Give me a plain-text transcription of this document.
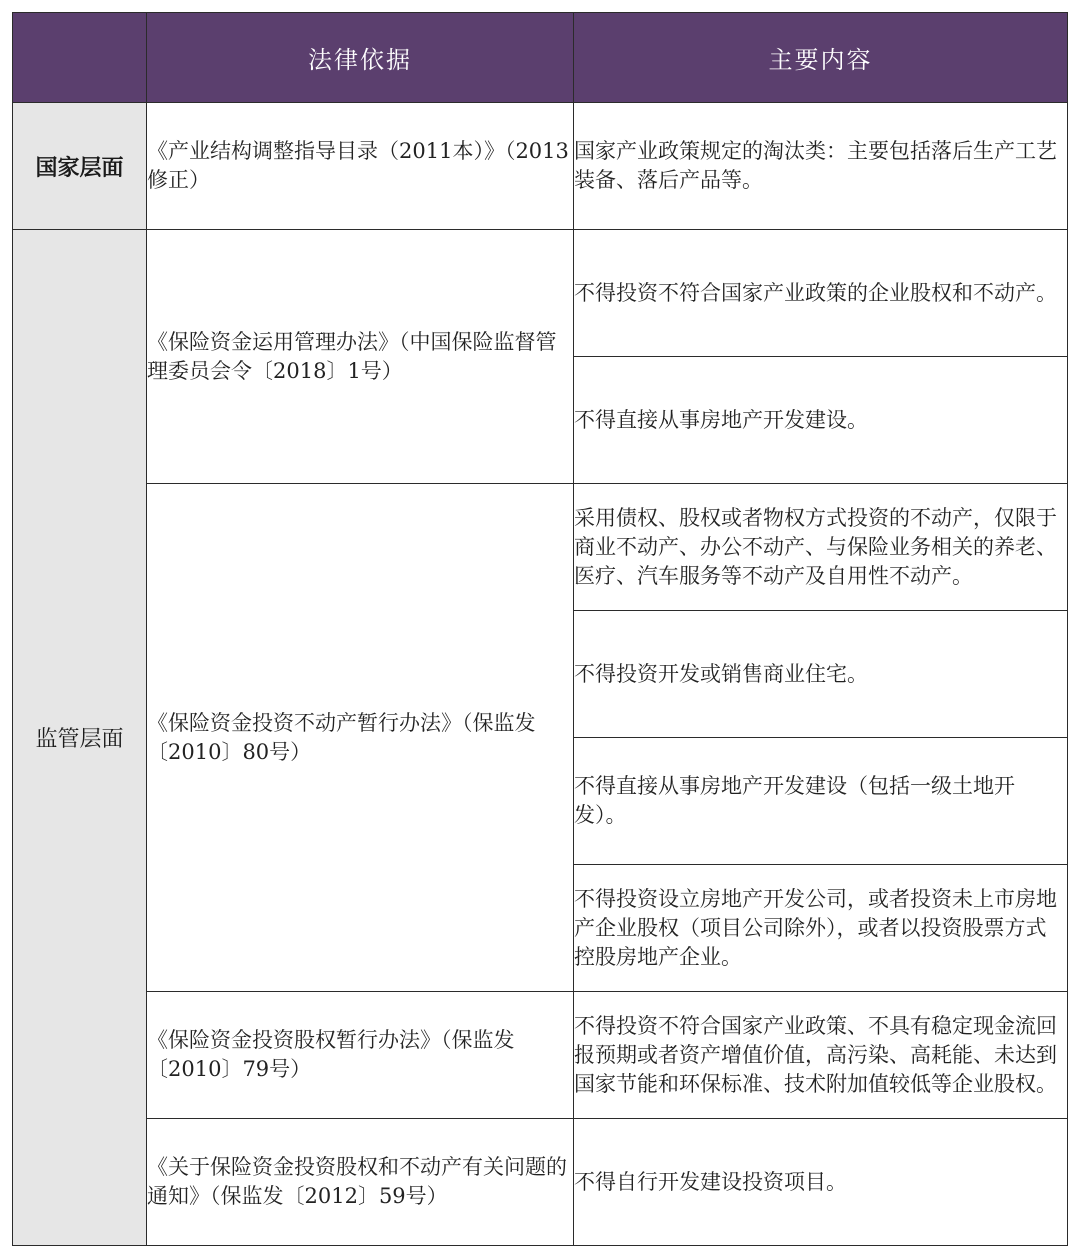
	法律依据	主要内容
国家层面	《产业结构调整指导目录（2011本）》（2013修正）	国家产业政策规定的淘汰类：主要包括落后生产工艺装备、落后产品等。
监管层面	《保险资金运用管理办法》（中国保险监督管理委员会令〔2018〕1号）	不得投资不符合国家产业政策的企业股权和不动产。
		不得直接从事房地产开发建设。
	《保险资金投资不动产暂行办法》（保监发〔2010〕80号）	采用债权、股权或者物权方式投资的不动产，仅限于商业不动产、办公不动产、与保险业务相关的养老、医疗、汽车服务等不动产及自用性不动产。
		不得投资开发或销售商业住宅。
		不得直接从事房地产开发建设（包括一级土地开发）。
		不得投资设立房地产开发公司，或者投资未上市房地产企业股权（项目公司除外），或者以投资股票方式控股房地产企业。
	《保险资金投资股权暂行办法》（保监发〔2010〕79号）	不得投资不符合国家产业政策、不具有稳定现金流回报预期或者资产增值价值，高污染、高耗能、未达到国家节能和环保标准、技术附加值较低等企业股权。
	《关于保险资金投资股权和不动产有关问题的通知》（保监发〔2012〕59号）	不得自行开发建设投资项目。
